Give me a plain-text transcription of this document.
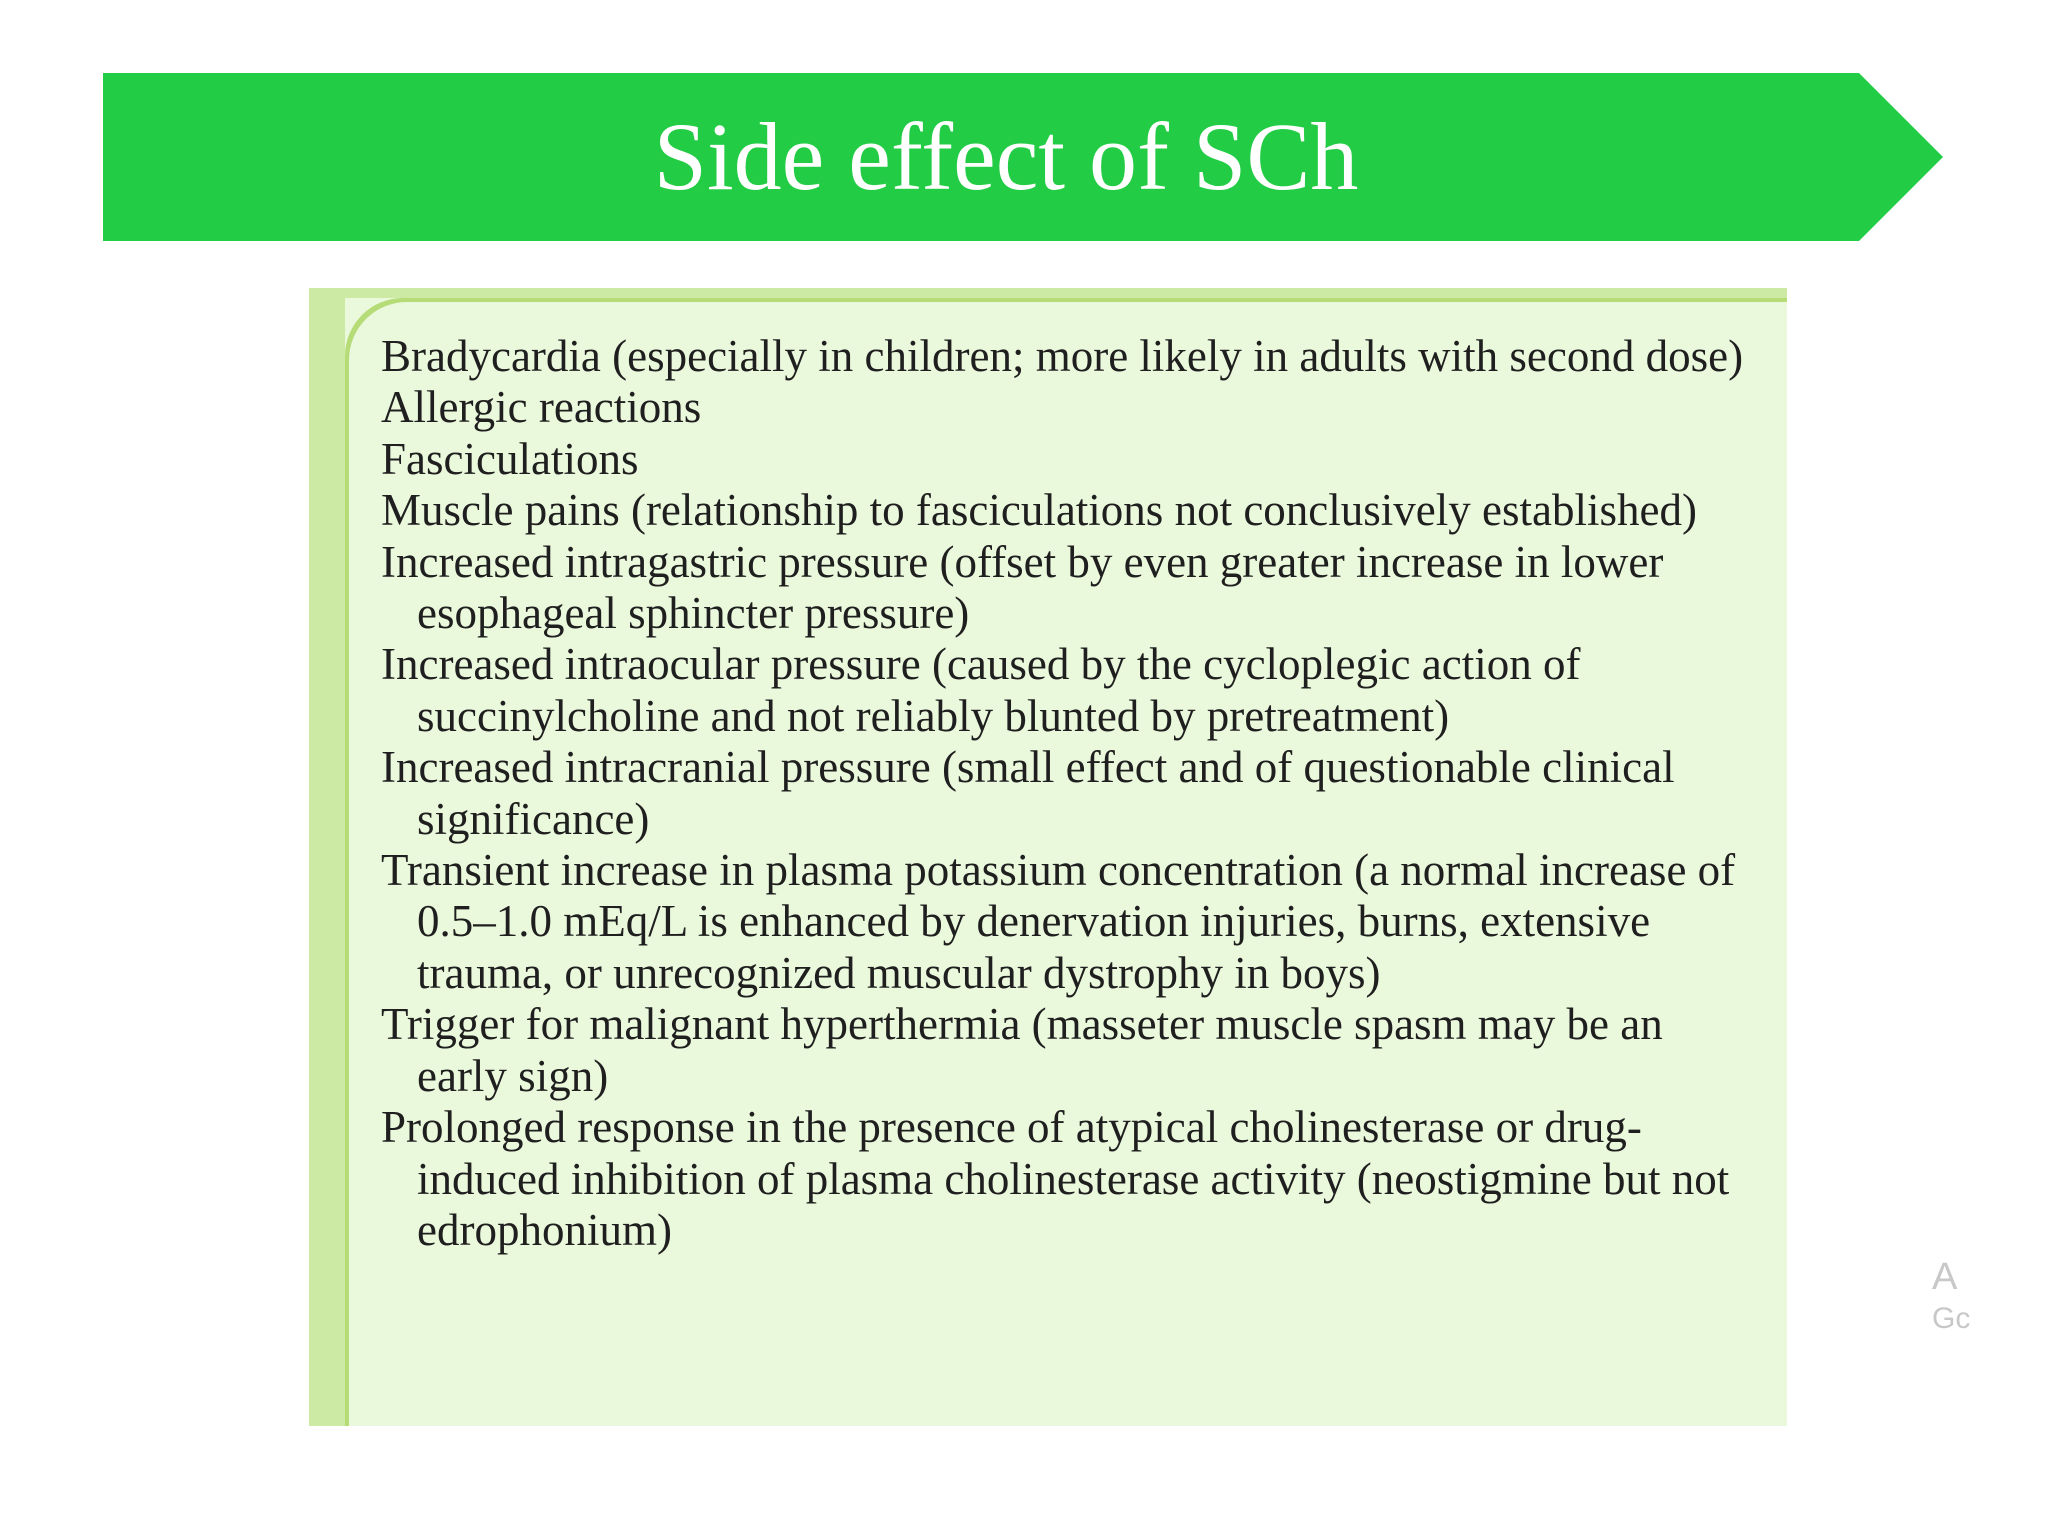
Side effect of SCh
Bradycardia (especially in children; more likely in adults with second dose)
Allergic reactions
Fasciculations
Muscle pains (relationship to fasciculations not conclusively established)
Increased intragastric pressure (offset by even greater increase in lower esophageal sphincter pressure)
Increased intraocular pressure (caused by the cycloplegic action of succinylcholine and not reliably blunted by pretreatment)
Increased intracranial pressure (small effect and of questionable clinical significance)
Transient increase in plasma potassium concentration (a normal increase of 0.5–1.0 mEq/L is enhanced by denervation injuries, burns, extensive trauma, or unrecognized muscular dystrophy in boys)
Trigger for malignant hyperthermia (masseter muscle spasm may be an early sign)
Prolonged response in the presence of atypical cholinesterase or drug-induced inhibition of plasma cholinesterase activity (neostigmine but not edrophonium)
A
Gc
